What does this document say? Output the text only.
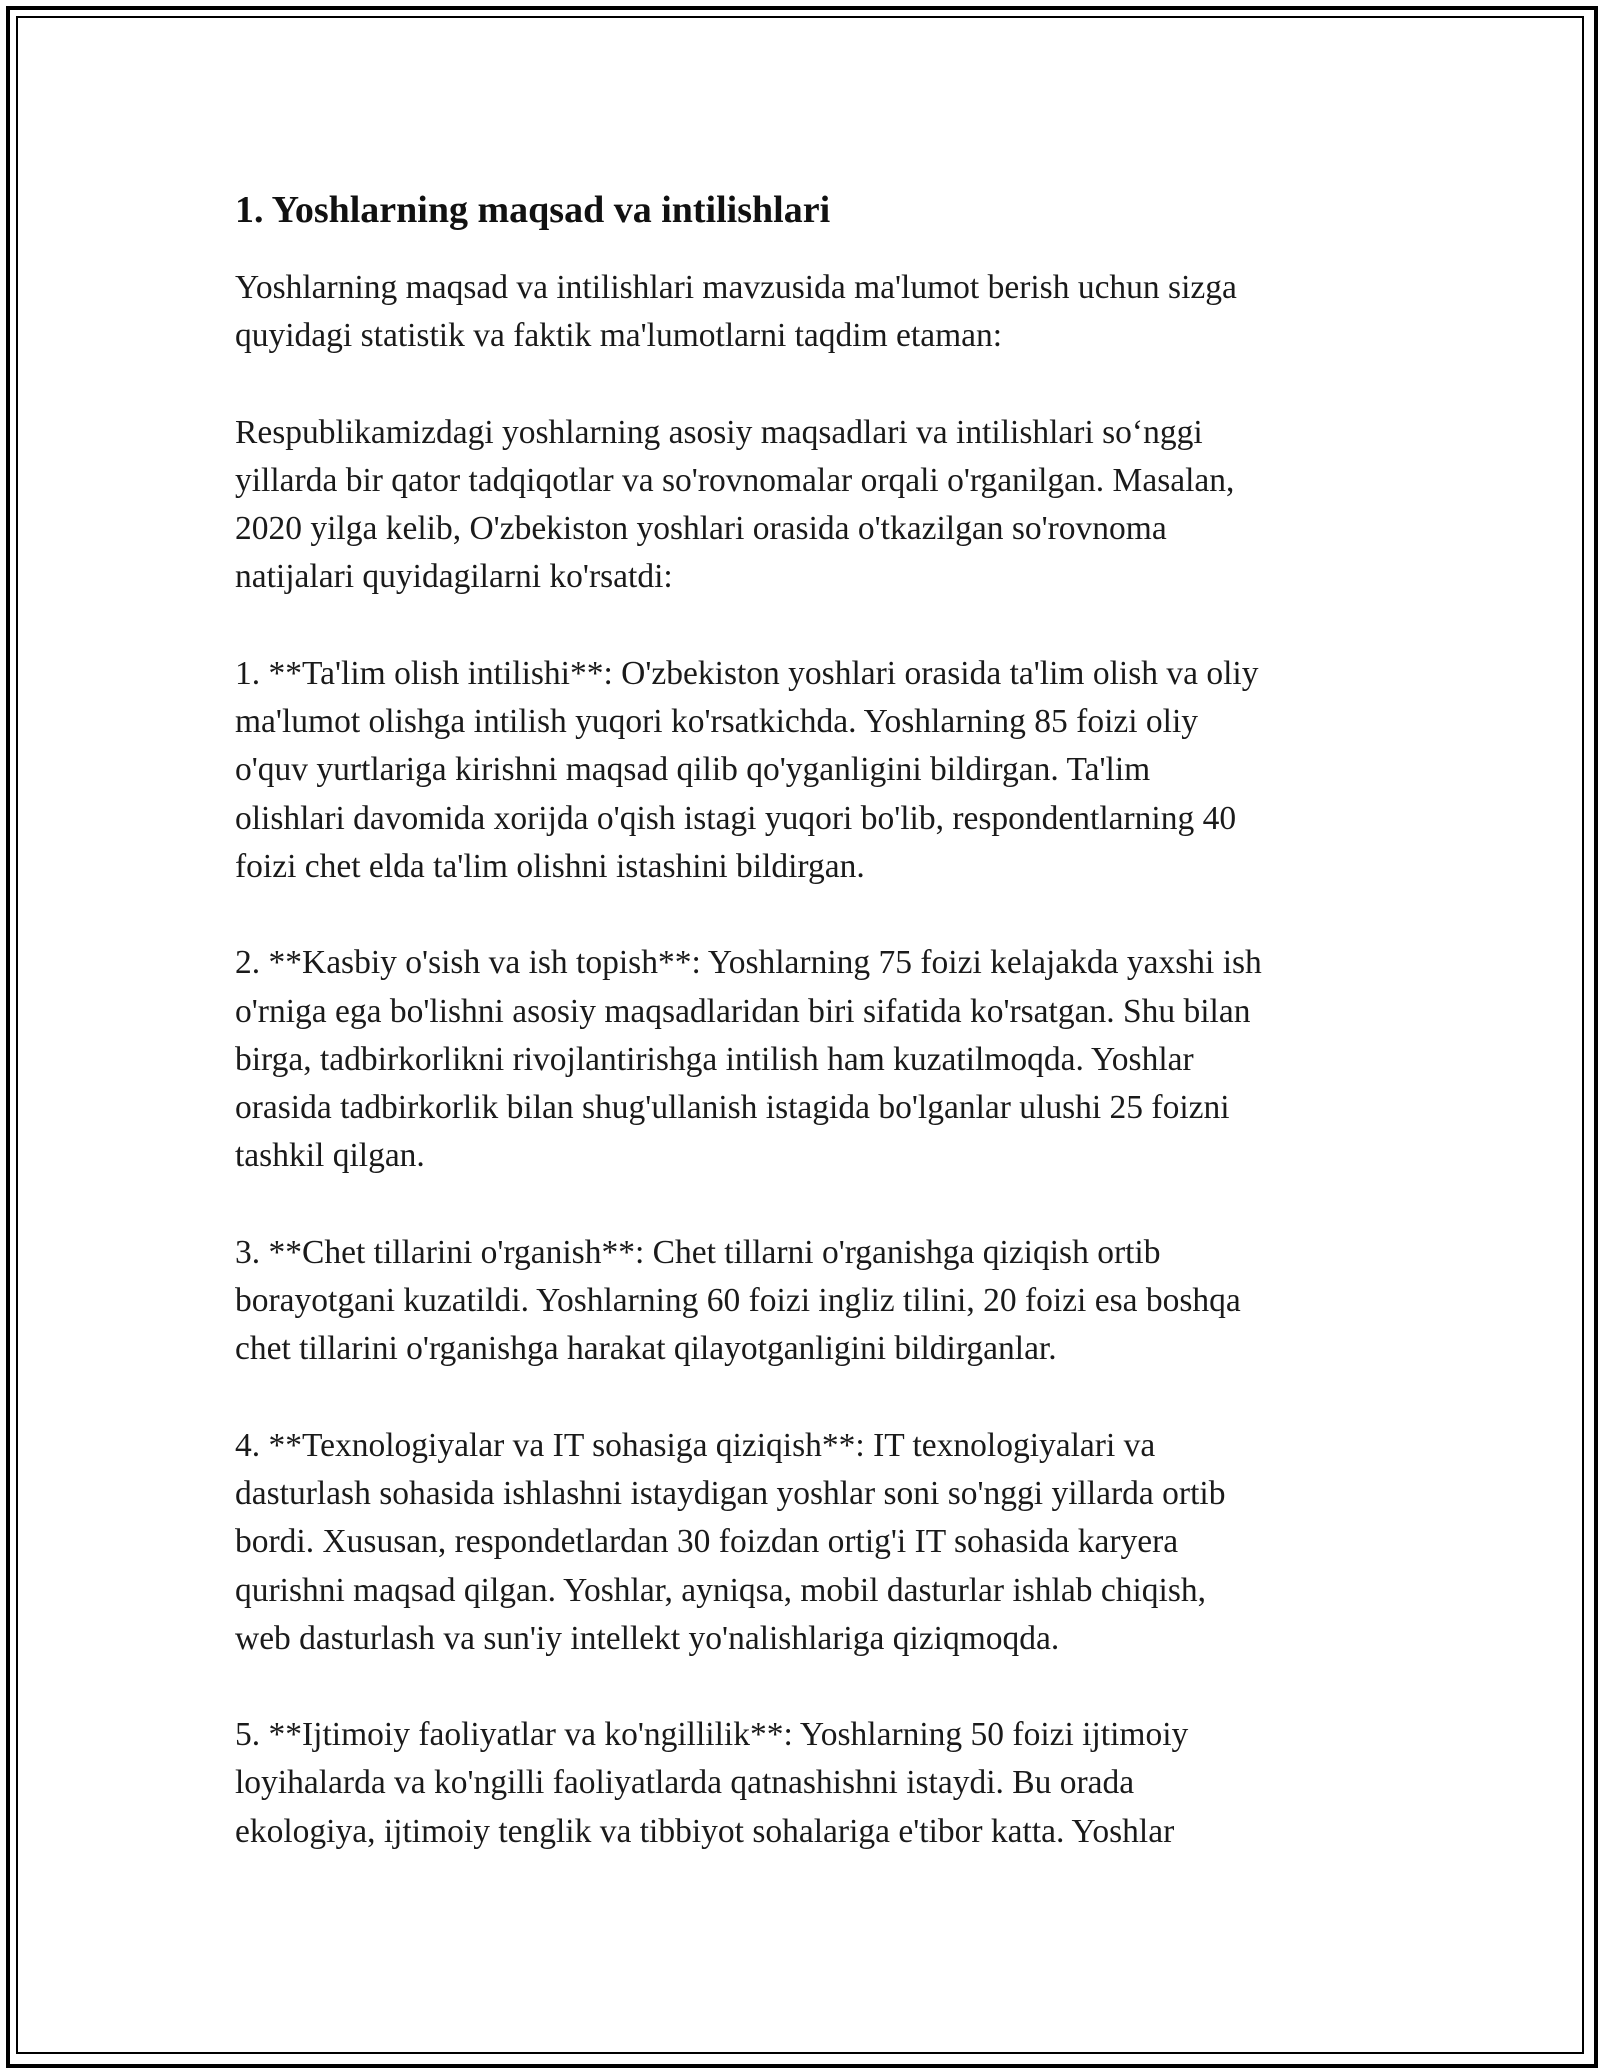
1. Yoshlarning maqsad va intilishlari

Yoshlarning maqsad va intilishlari mavzusida ma'lumot berish uchun sizga
quyidagi statistik va faktik ma'lumotlarni taqdim etaman:

Respublikamizdagi yoshlarning asosiy maqsadlari va intilishlari so‘nggi
yillarda bir qator tadqiqotlar va so'rovnomalar orqali o'rganilgan. Masalan,
2020 yilga kelib, O'zbekiston yoshlari orasida o'tkazilgan so'rovnoma
natijalari quyidagilarni ko'rsatdi:

1. **Ta'lim olish intilishi**: O'zbekiston yoshlari orasida ta'lim olish va oliy
ma'lumot olishga intilish yuqori ko'rsatkichda. Yoshlarning 85 foizi oliy
o'quv yurtlariga kirishni maqsad qilib qo'yganligini bildirgan. Ta'lim
olishlari davomida xorijda o'qish istagi yuqori bo'lib, respondentlarning 40
foizi chet elda ta'lim olishni istashini bildirgan.

2. **Kasbiy o'sish va ish topish**: Yoshlarning 75 foizi kelajakda yaxshi ish
o'rniga ega bo'lishni asosiy maqsadlaridan biri sifatida ko'rsatgan. Shu bilan
birga, tadbirkorlikni rivojlantirishga intilish ham kuzatilmoqda. Yoshlar
orasida tadbirkorlik bilan shug'ullanish istagida bo'lganlar ulushi 25 foizni
tashkil qilgan.

3. **Chet tillarini o'rganish**: Chet tillarni o'rganishga qiziqish ortib
borayotgani kuzatildi. Yoshlarning 60 foizi ingliz tilini, 20 foizi esa boshqa
chet tillarini o'rganishga harakat qilayotganligini bildirganlar.

4. **Texnologiyalar va IT sohasiga qiziqish**: IT texnologiyalari va
dasturlash sohasida ishlashni istaydigan yoshlar soni so'nggi yillarda ortib
bordi. Xususan, respondetlardan 30 foizdan ortig'i IT sohasida karyera
qurishni maqsad qilgan. Yoshlar, ayniqsa, mobil dasturlar ishlab chiqish,
web dasturlash va sun'iy intellekt yo'nalishlariga qiziqmoqda.

5. **Ijtimoiy faoliyatlar va ko'ngillilik**: Yoshlarning 50 foizi ijtimoiy
loyihalarda va ko'ngilli faoliyatlarda qatnashishni istaydi. Bu orada
ekologiya, ijtimoiy tenglik va tibbiyot sohalariga e'tibor katta. Yoshlar
